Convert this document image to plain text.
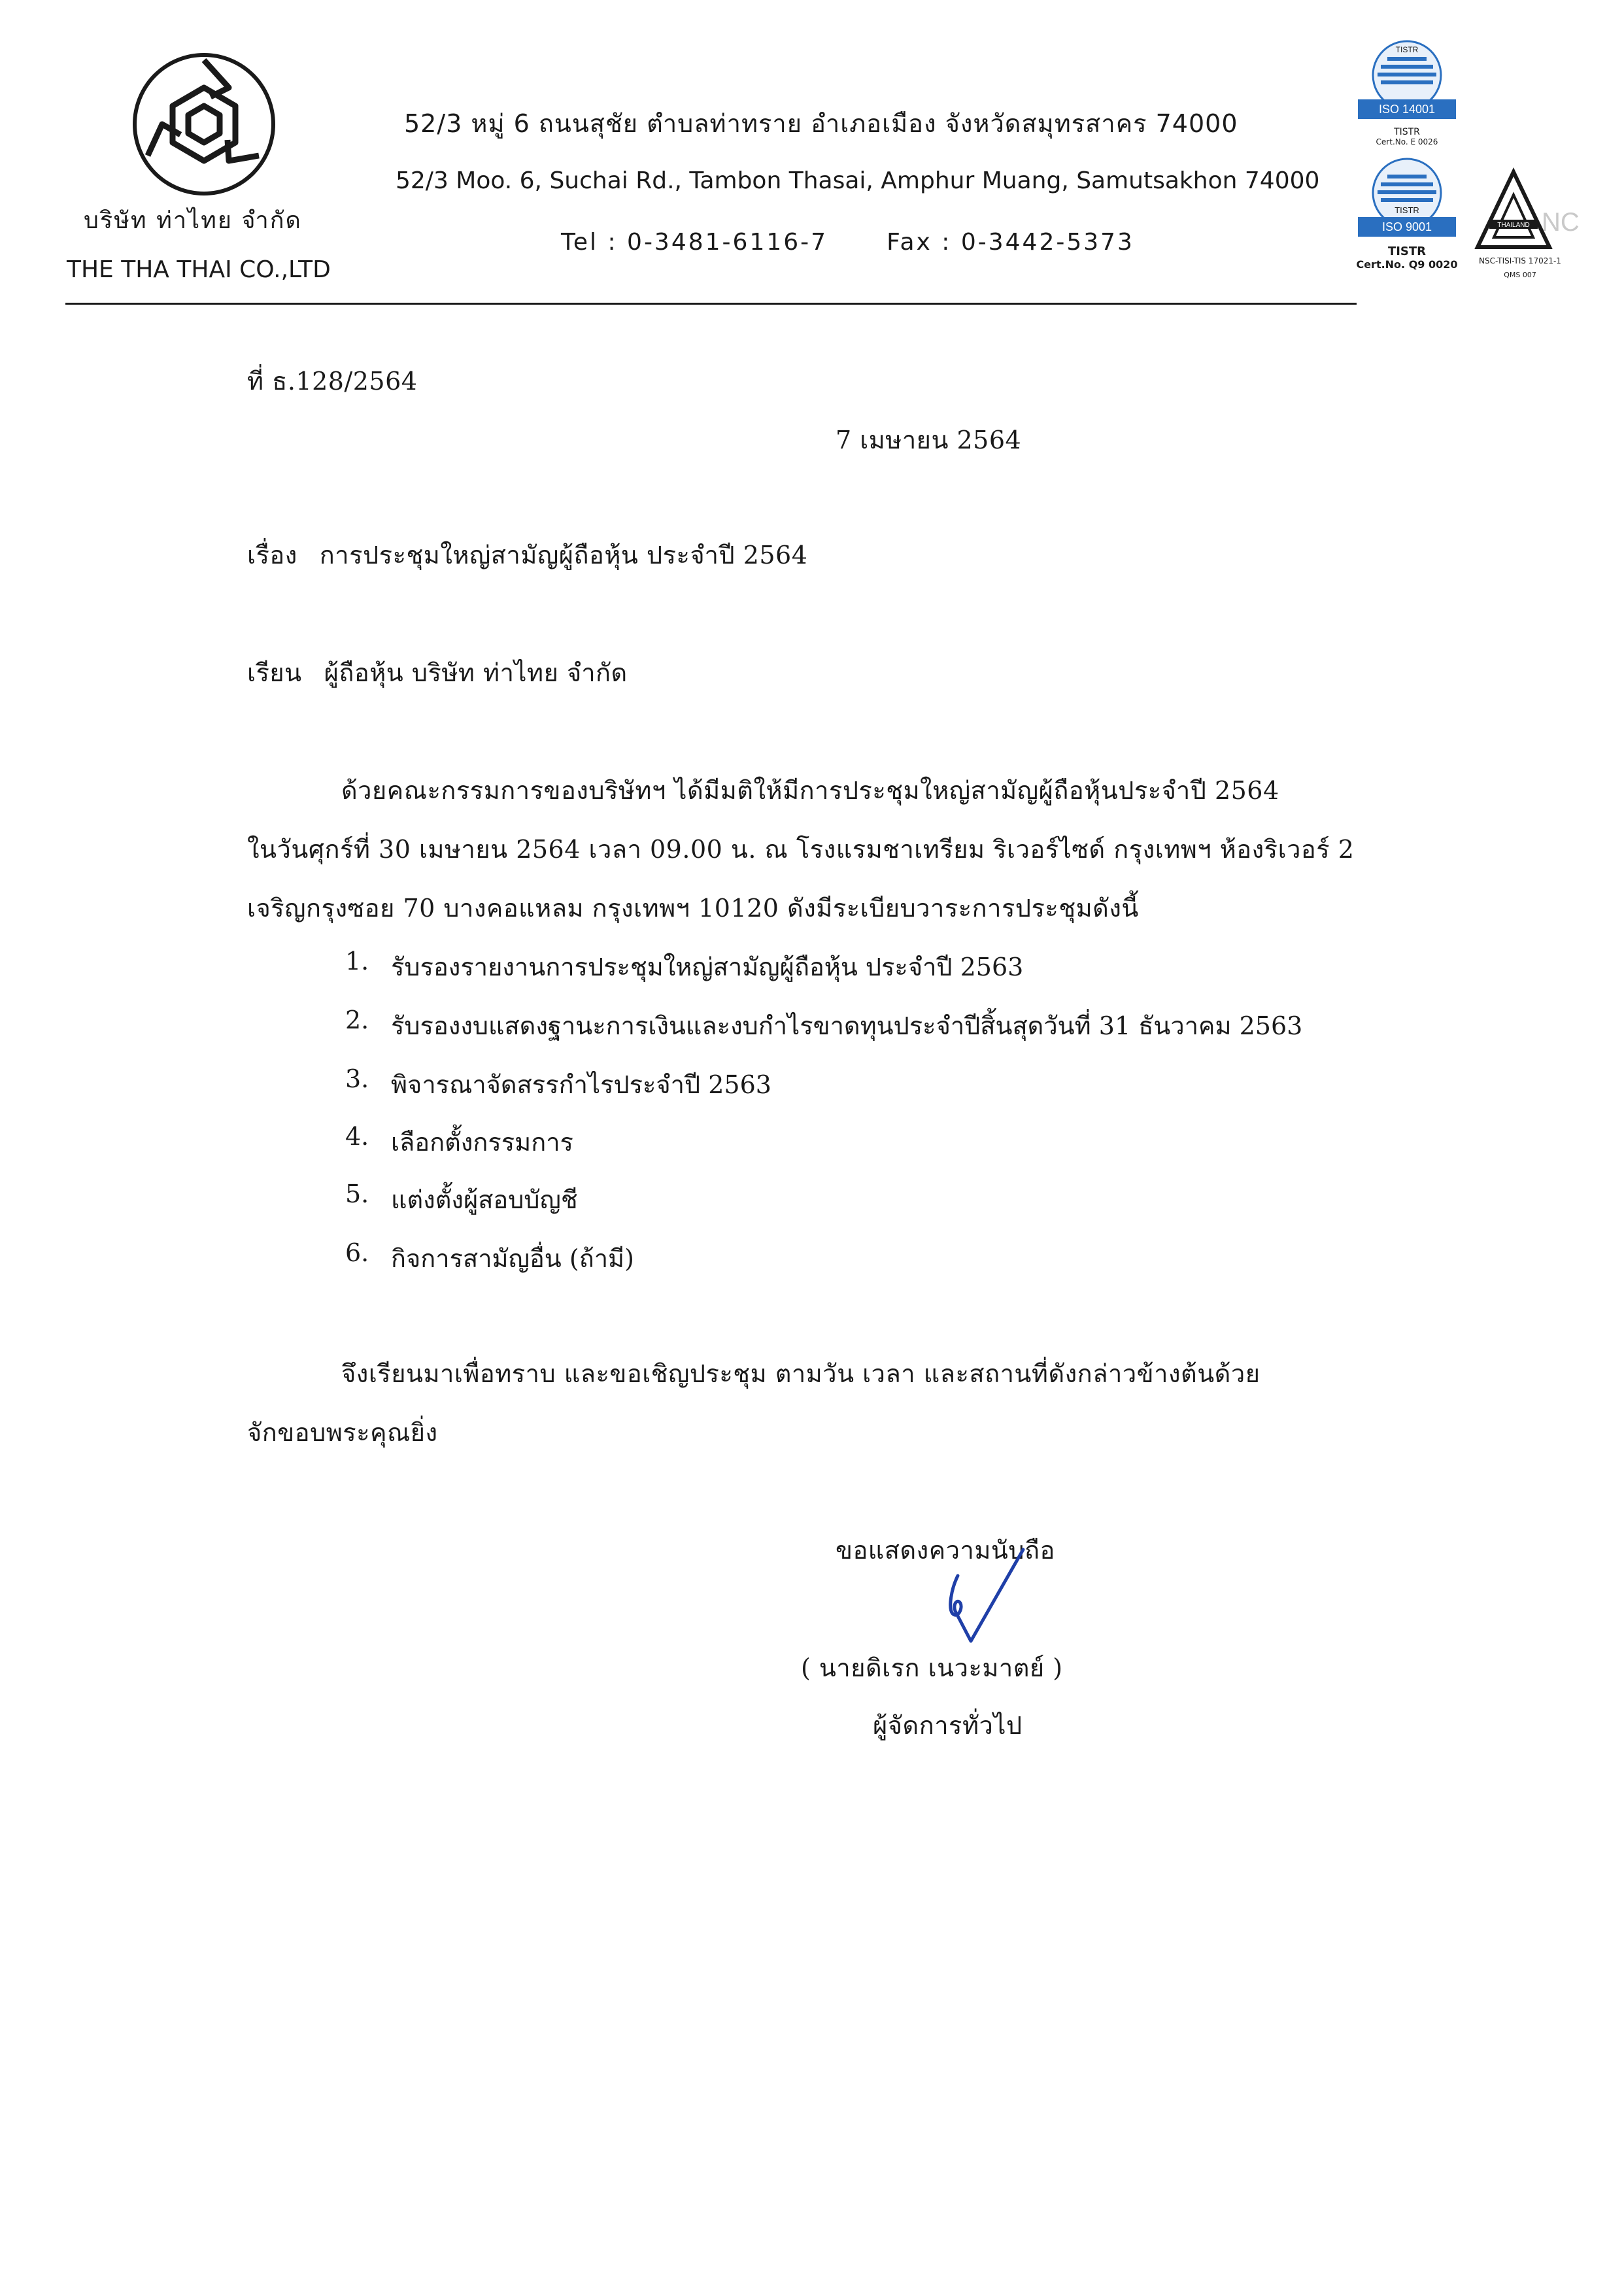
บริษัท ท่าไทย จำกัด
THE THA THAI CO.,LTD
52/3 หมู่ 6 ถนนสุชัย ตำบลท่าทราย อำเภอเมือง จังหวัดสมุทรสาคร 74000
52/3 Moo. 6, Suchai Rd., Tambon Thasai, Amphur Muang, Samutsakhon 74000
Tel : 0-3481-6116-7	Fax : 0-3442-5373
TISTR
ISO 14001
TISTR
Cert.No. E 0026
TISTR
ISO 9001
TISTR
Cert.No. Q9 0020
NC
THAILAND
NSC-TISI-TIS 17021-1
QMS 007
ที่ ธ.128/2564
7 เมษายน 2564
เรื่อง การประชุมใหญ่สามัญผู้ถือหุ้น ประจำปี 2564
เรียน ผู้ถือหุ้น บริษัท ท่าไทย จำกัด
ด้วยคณะกรรมการของบริษัทฯ ได้มีมติให้มีการประชุมใหญ่สามัญผู้ถือหุ้นประจำปี 2564
ในวันศุกร์ที่ 30 เมษายน 2564 เวลา 09.00 น. ณ โรงแรมชาเทรียม ริเวอร์ไซด์ กรุงเทพฯ ห้องริเวอร์ 2
เจริญกรุงซอย 70 บางคอแหลม กรุงเทพฯ 10120 ดังมีระเบียบวาระการประชุมดังนี้
1. รับรองรายงานการประชุมใหญ่สามัญผู้ถือหุ้น ประจำปี 2563
2. รับรองงบแสดงฐานะการเงินและงบกำไรขาดทุนประจำปีสิ้นสุดวันที่ 31 ธันวาคม 2563
3. พิจารณาจัดสรรกำไรประจำปี 2563
4. เลือกตั้งกรรมการ
5. แต่งตั้งผู้สอบบัญชี
6. กิจการสามัญอื่น (ถ้ามี)
จึงเรียนมาเพื่อทราบ และขอเชิญประชุม ตามวัน เวลา และสถานที่ดังกล่าวข้างต้นด้วย
จักขอบพระคุณยิ่ง
ขอแสดงความนับถือ
( นายดิเรก เนวะมาตย์ )
ผู้จัดการทั่วไป
